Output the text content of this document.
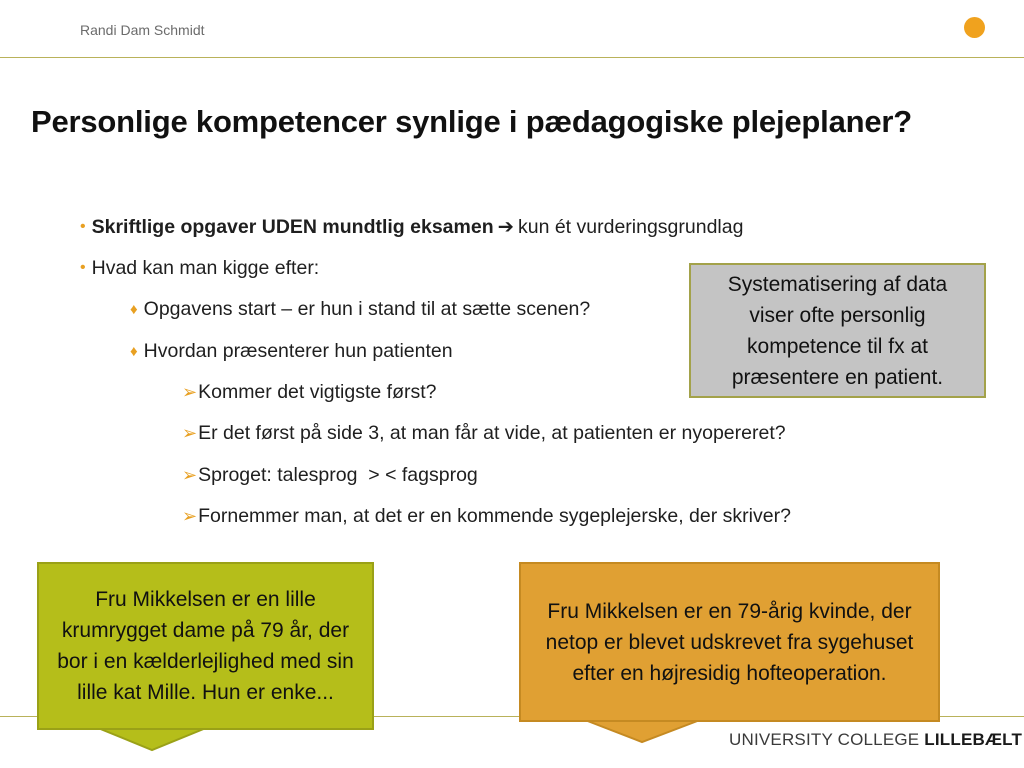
Randi Dam Schmidt
Personlige kompetencer synlige i pædagogiske plejeplaner?
• Skriftlige opgaver UDEN mundtlig eksamen ➔ kun ét vurderingsgrundlag
• Hvad kan man kigge efter:
♦ Opgavens start – er hun i stand til at sætte scenen?
♦ Hvordan præsenterer hun patienten
➢Kommer det vigtigste først?
➢Er det først på side 3, at man får at vide, at patienten er nyopereret?
➢Sproget: talesprog  > < fagsprog
➢Fornemmer man, at det er en kommende sygeplejerske, der skriver?
Systematisering af data viser ofte personlig kompetence til fx at præsentere en patient.
Fru Mikkelsen er en lille krumrygget dame på 79 år, der bor i en kælderlejlighed med sin lille kat Mille. Hun er enke...
Fru Mikkelsen er en 79-årig kvinde, der netop er blevet udskrevet fra sygehuset efter en højresidig hofteoperation.
UNIVERSITY COLLEGE LILLEBÆLT
